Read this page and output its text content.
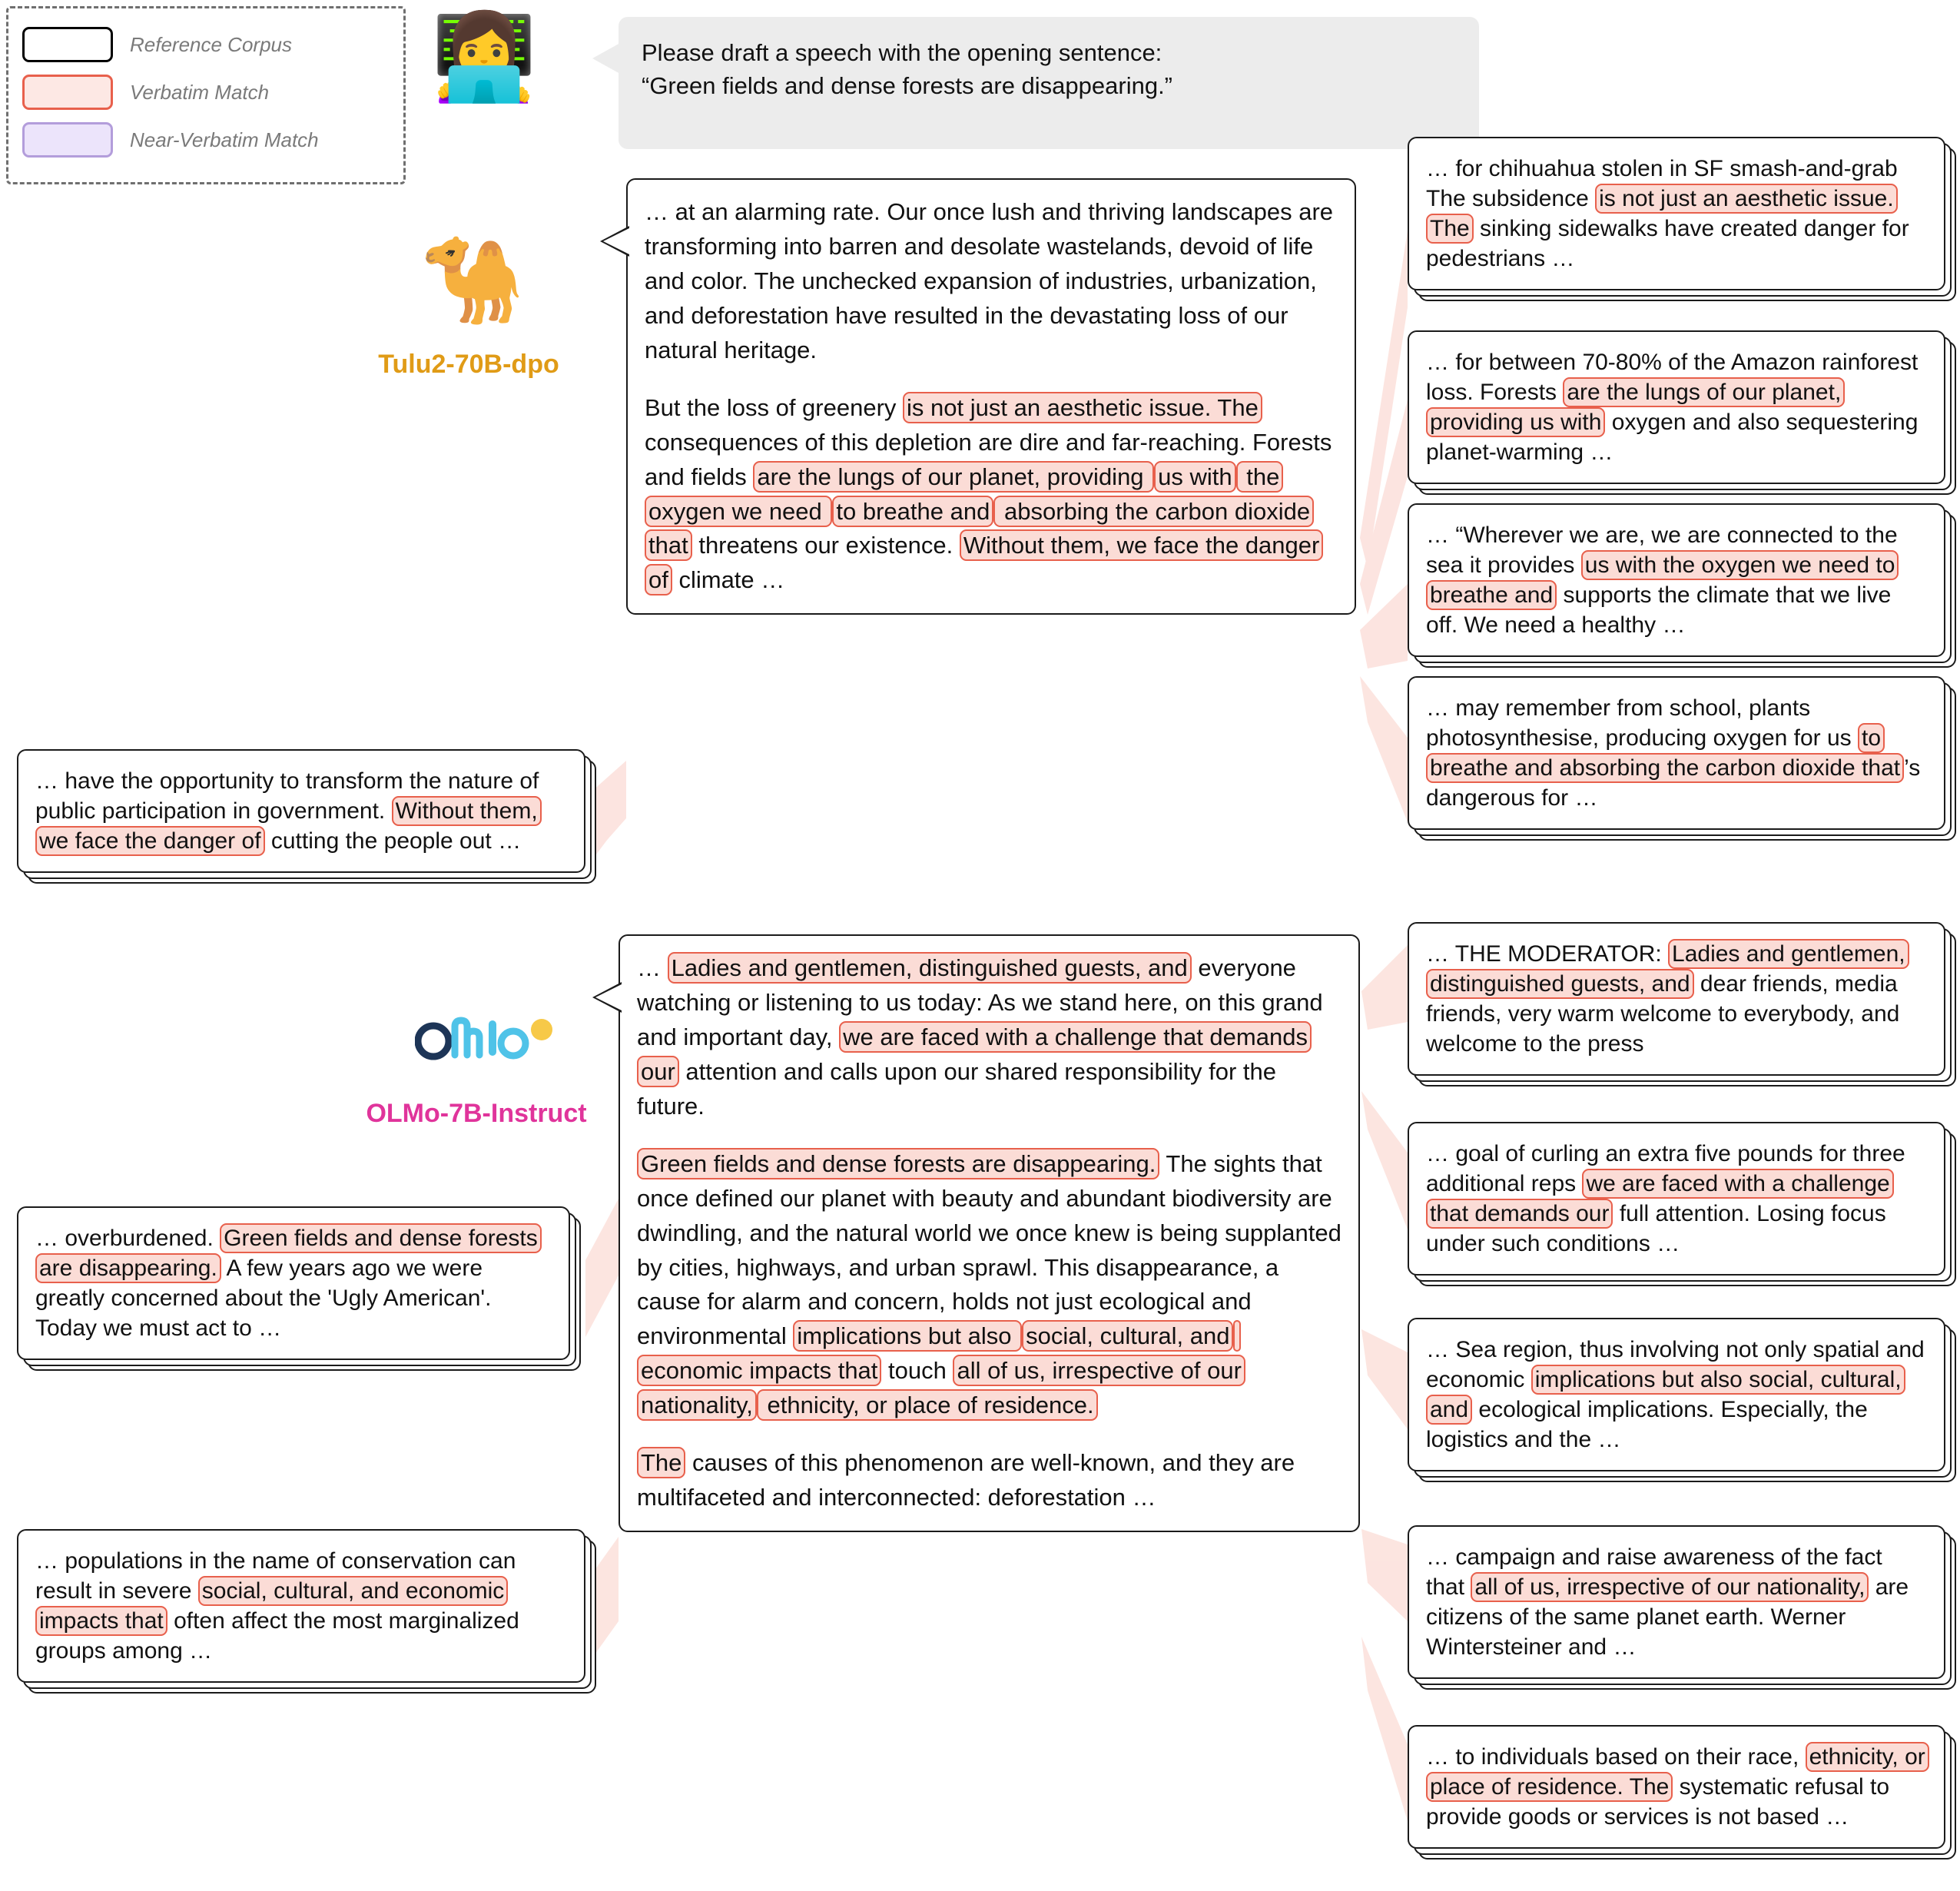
Reference Corpus
Verbatim Match
Near-Verbatim Match
👩‍💻	Please draft a speech with the opening sentence:
“Green fields and dense forests are disappearing.”
🐪
Tulu2-70B-dpo

… at an alarming rate. Our once lush and thriving landscapes are transforming into barren and desolate wastelands, devoid of life and color. The unchecked expansion of industries, urbanization, and deforestation have resulted in the devastating loss of our natural heritage.

But the loss of greenery is not just an aesthetic issue. The consequences of this depletion are dire and far-reaching. Forests and fields are the lungs of our planet, providing us with the oxygen we need to breathe and absorbing the carbon dioxide that threatens our existence. Without them, we face the danger of climate …

OLMo-7B-Instruct

… Ladies and gentlemen, distinguished guests, and everyone watching or listening to us today: As we stand here, on this grand and important day, we are faced with a challenge that demands our attention and calls upon our shared responsibility for the future.

Green fields and dense forests are disappearing. The sights that once defined our planet with beauty and abundant biodiversity are dwindling, and the natural world we once knew is being supplanted by cities, highways, and urban sprawl. This disappearance, a cause for alarm and concern, holds not just ecological and environmental implications but also social, cultural, and economic impacts that touch all of us, irrespective of our nationality, ethnicity, or place of residence.

The causes of this phenomenon are well-known, and they are multifaceted and interconnected: deforestation …

… for chihuahua stolen in SF smash-and-grab The subsidence is not just an aesthetic issue. The sinking sidewalks have created danger for pedestrians …
… for between 70-80% of the Amazon rainforest loss. Forests are the lungs of our planet, providing us with oxygen and also sequestering planet-warming …
… “Wherever we are, we are connected to the sea it provides us with the oxygen we need to breathe and supports the climate that we live off. We need a healthy …
… may remember from school, plants photosynthesise, producing oxygen for us to breathe and absorbing the carbon dioxide that ’s dangerous for …
… THE MODERATOR: Ladies and gentlemen, distinguished guests, and dear friends, media friends, very warm welcome to everybody, and welcome to the press
… goal of curling an extra five pounds for three additional reps we are faced with a challenge that demands our full attention. Losing focus under such conditions …
… Sea region, thus involving not only spatial and economic implications but also social, cultural, and ecological implications. Especially, the logistics and the …
… campaign and raise awareness of the fact that all of us, irrespective of our nationality, are citizens of the same planet earth. Werner Wintersteiner and …
… to individuals based on their race, ethnicity, or place of residence. The systematic refusal to provide goods or services is not based …
… have the opportunity to transform the nature of public participation in government. Without them, we face the danger of cutting the people out …
… overburdened. Green fields and dense forests are disappearing. A few years ago we were greatly concerned about the 'Ugly American'. Today we must act to …
… populations in the name of conservation can result in severe social, cultural, and economic impacts that often affect the most marginalized groups among …
